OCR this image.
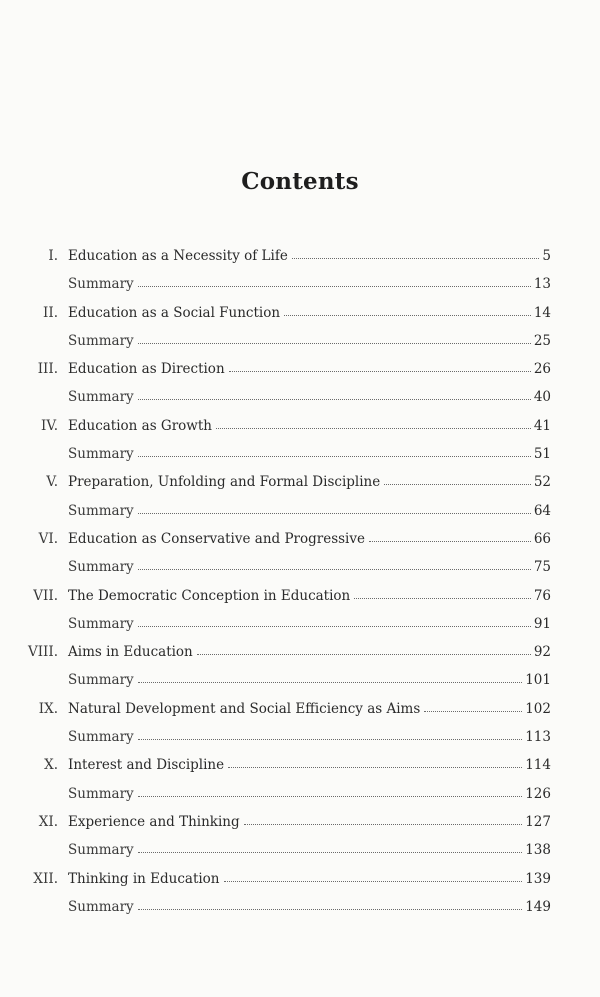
Contents
I. Education as a Necessity of Life	5
Summary	13
II. Education as a Social Function	14
Summary	25
III. Education as Direction	26
Summary	40
IV. Education as Growth	41
Summary	51
V. Preparation, Unfolding and Formal Discipline	52
Summary	64
VI. Education as Conservative and Progressive	66
Summary	75
VII. The Democratic Conception in Education	76
Summary	91
VIII. Aims in Education	92
Summary	101
IX. Natural Development and Social Efficiency as Aims	102
Summary	113
X. Interest and Discipline	114
Summary	126
XI. Experience and Thinking	127
Summary	138
XII. Thinking in Education	139
Summary	149
